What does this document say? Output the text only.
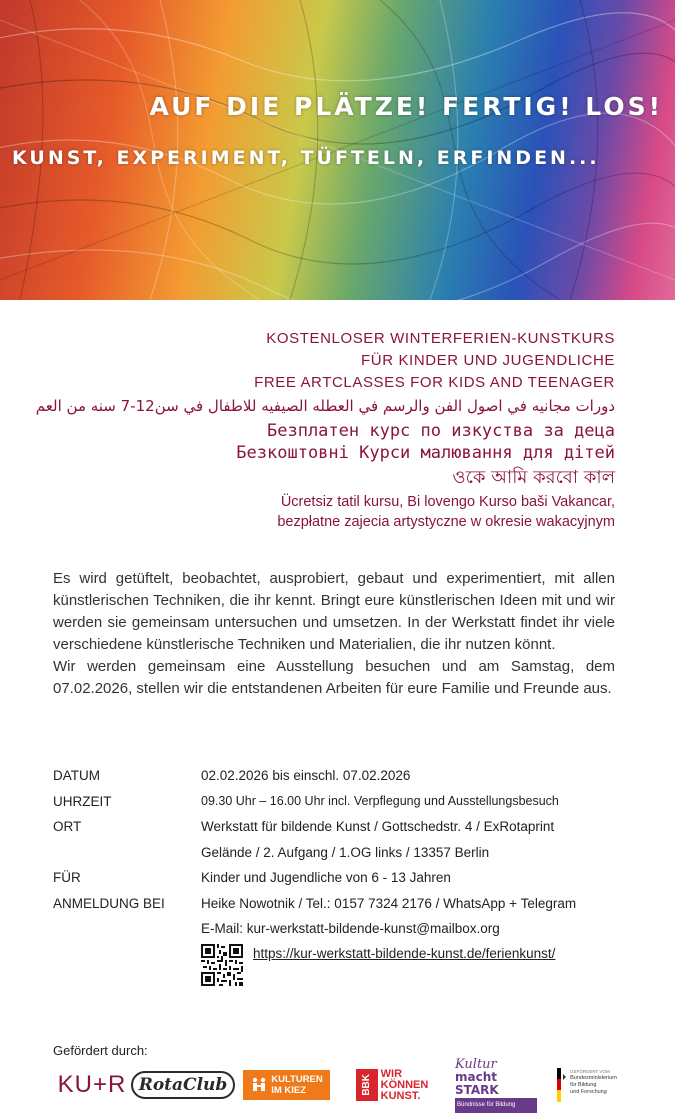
AUF DIE PLÄTZE! FERTIG! LOS!
KUNST, EXPERIMENT, TÜFTELN, ERFINDEN...
KOSTENLOSER WINTERFERIEN-KUNSTKURS
FÜR KINDER UND JUGENDLICHE
FREE ARTCLASSES FOR KIDS AND TEENAGER
دورات مجانيه في اصول الفن والرسم في العطله الصيفيه للاطفال في سن12-7 سنه من العم
Безплатен курс по изкуства за деца
Безкоштовні Курси малювання для дітей
ওকে আমি করবো কাল
Ücretsiz tatil kursu, Bi lovengo Kurso baši Vakancar,
bezpłatne zajecia artystyczne w okresie wakacyjnym

Es wird getüftelt, beobachtet, ausprobiert, gebaut und experimentiert, mit allen künstlerischen Techniken, die ihr kennt. Bringt eure künstlerischen Ideen mit und wir werden sie gemeinsam untersuchen und umsetzen. In der Werkstatt findet ihr viele verschiedene künstlerische Techniken und Materialien, die ihr nutzen könnt.

Wir werden gemeinsam eine Ausstellung besuchen und am Samstag, dem 07.02.2026, stellen wir die entstandenen Arbeiten für eure Familie und Freunde aus.

DATUM	02.02.2026 bis einschl. 07.02.2026
UHRZEIT	09.30 Uhr – 16.00 Uhr incl. Verpflegung und Ausstellungsbesuch
ORT	Werkstatt für bildende Kunst / Gottschedstr. 4 / ExRotaprint
Gelände / 2. Aufgang / 1.OG links / 13357 Berlin
FÜR	Kinder und Jugendliche von 6 - 13 Jahren
ANMELDUNG BEI	Heike Nowotnik / Tel.: 0157 7324 2176 / WhatsApp + Telegram
E-Mail: kur-werkstatt-bildende-kunst@mailbox.org
https://kur-werkstatt-bildende-kunst.de/ferienkunst/
Gefördert durch:
KU+R RotaClub	KULTUREN
IM KIEZ	BBK
WIR
KÖNNEN
KUNST.
Kultur
macht STARK
Bündnisse für Bildung
GEFÖRDERT VOM
Bundesministerium
für Bildung
und Forschung
